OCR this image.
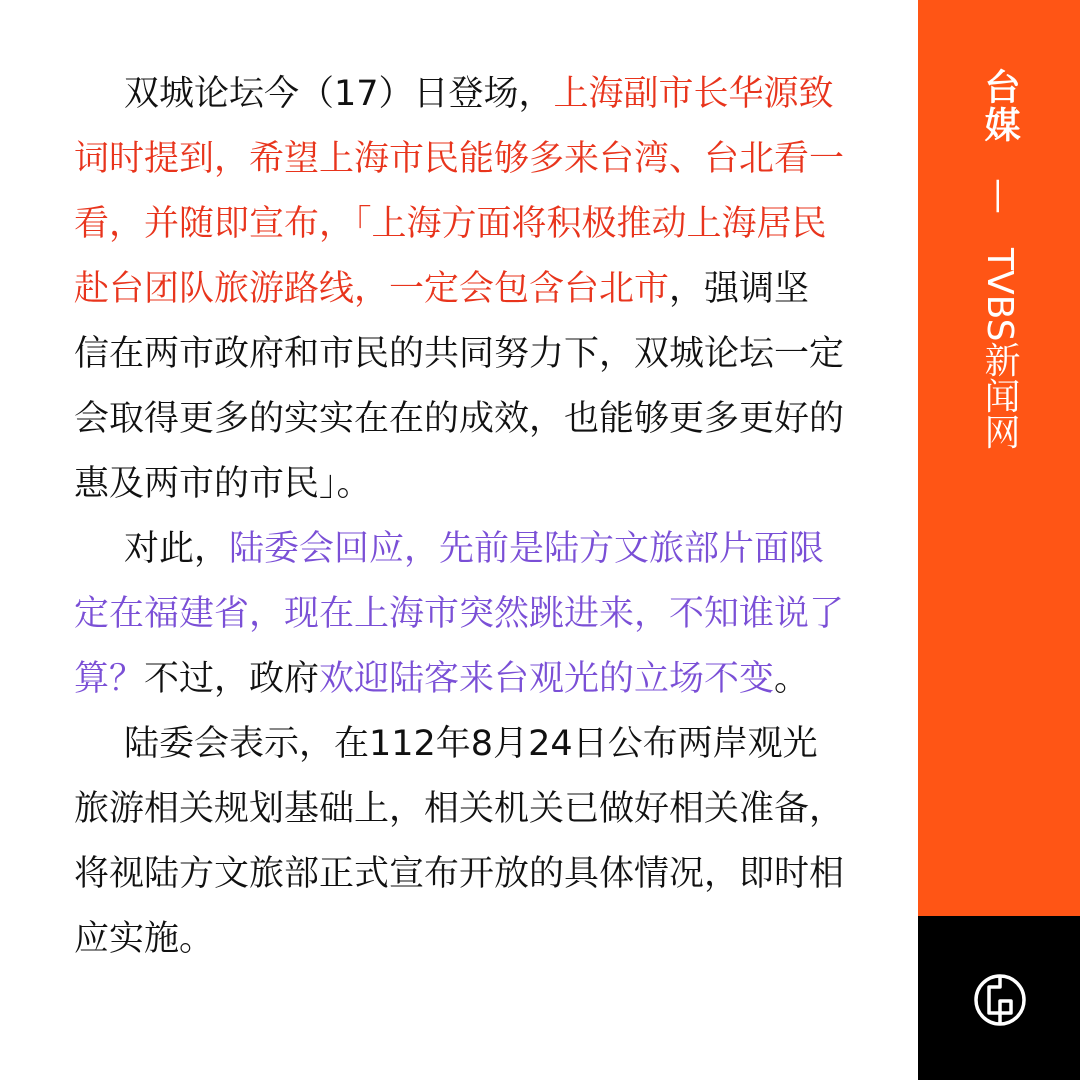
双城论坛今（17）日登场，上海副市长华源致词时提到，希望上海市民能够多来台湾、台北看一看，并随即宣布，「上海方面将积极推动上海居民赴台团队旅游路线，一定会包含台北市，强调坚信在两市政府和市民的共同努力下，双城论坛一定会取得更多的实实在在的成效，也能够更多更好的惠及两市的市民」。

对此，陆委会回应，先前是陆方文旅部片面限定在福建省，现在上海市突然跳进来，不知谁说了算？不过，政府欢迎陆客来台观光的立场不变。

陆委会表示，在112年8月24日公布两岸观光旅游相关规划基础上，相关机关已做好相关准备，将视陆方文旅部正式宣布开放的具体情况，即时相应实施。

台媒
—
TVBS新闻网
